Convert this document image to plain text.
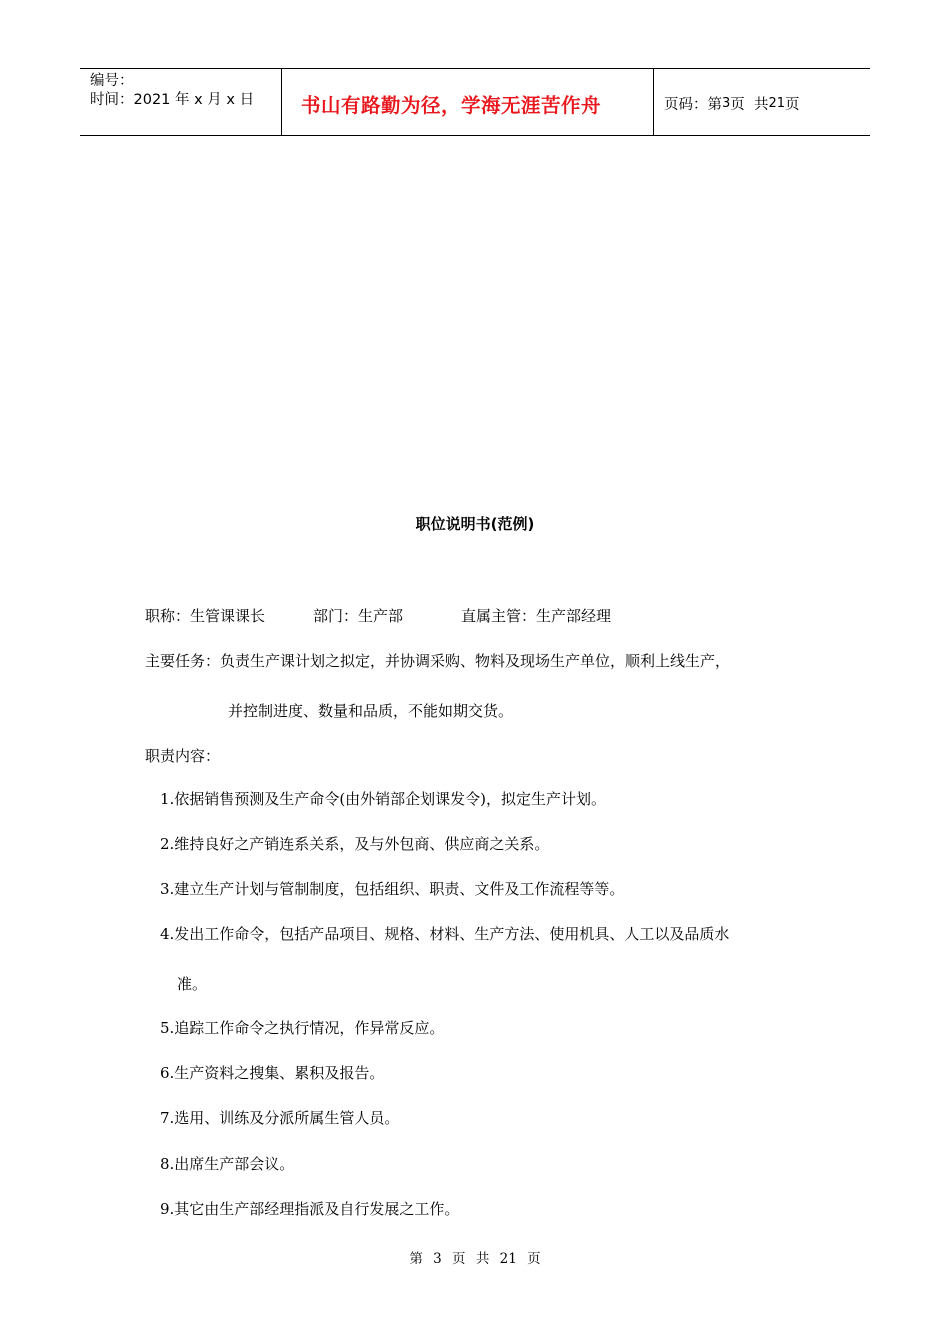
编号：
时间：2021 年 x 月 x 日	书山有路勤为径，学海无涯苦作舟	页码：第 3 页  共 21 页
职位说明书(范例)
职称：生管课课长	部门：生产部	直属主管：生产部经理
主要任务：负责生产课计划之拟定，并协调采购、物料及现场生产单位，顺利上线生产，
并控制进度、数量和品质，不能如期交货。
职责内容：
1.依据销售预测及生产命令(由外销部企划课发令)，拟定生产计划。
2.维持良好之产销连系关系，及与外包商、供应商之关系。
3.建立生产计划与管制制度，包括组织、职责、文件及工作流程等等。
4.发出工作命令，包括产品项目、规格、材料、生产方法、使用机具、人工以及品质水
准。
5.追踪工作命令之执行情况，作异常反应。
6.生产资料之搜集、累积及报告。
7.选用、训练及分派所属生管人员。
8.出席生产部会议。
9.其它由生产部经理指派及自行发展之工作。
第 3 页 共 21 页
